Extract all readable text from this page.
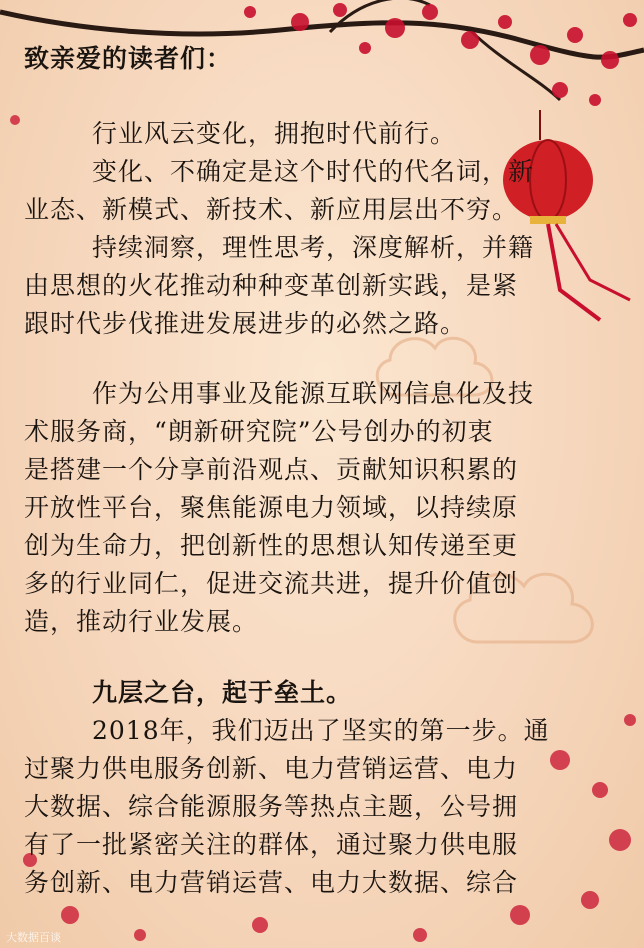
致亲爱的读者们：
行业风云变化，拥抱时代前行。
变化、不确定是这个时代的代名词，新
业态、新模式、新技术、新应用层出不穷。
持续洞察，理性思考，深度解析，并籍
由思想的火花推动种种变革创新实践，是紧
跟时代步伐推进发展进步的必然之路。
作为公用事业及能源互联网信息化及技
术服务商，“朗新研究院”公号创办的初衷
是搭建一个分享前沿观点、贡献知识积累的
开放性平台，聚焦能源电力领域，以持续原
创为生命力，把创新性的思想认知传递至更
多的行业同仁，促进交流共进，提升价值创
造，推动行业发展。
九层之台，起于垒土。
2018年，我们迈出了坚实的第一步。通
过聚力供电服务创新、电力营销运营、电力
大数据、综合能源服务等热点主题，公号拥
有了一批紧密关注的群体，通过聚力供电服
务创新、电力营销运营、电力大数据、综合
大数据百谈
